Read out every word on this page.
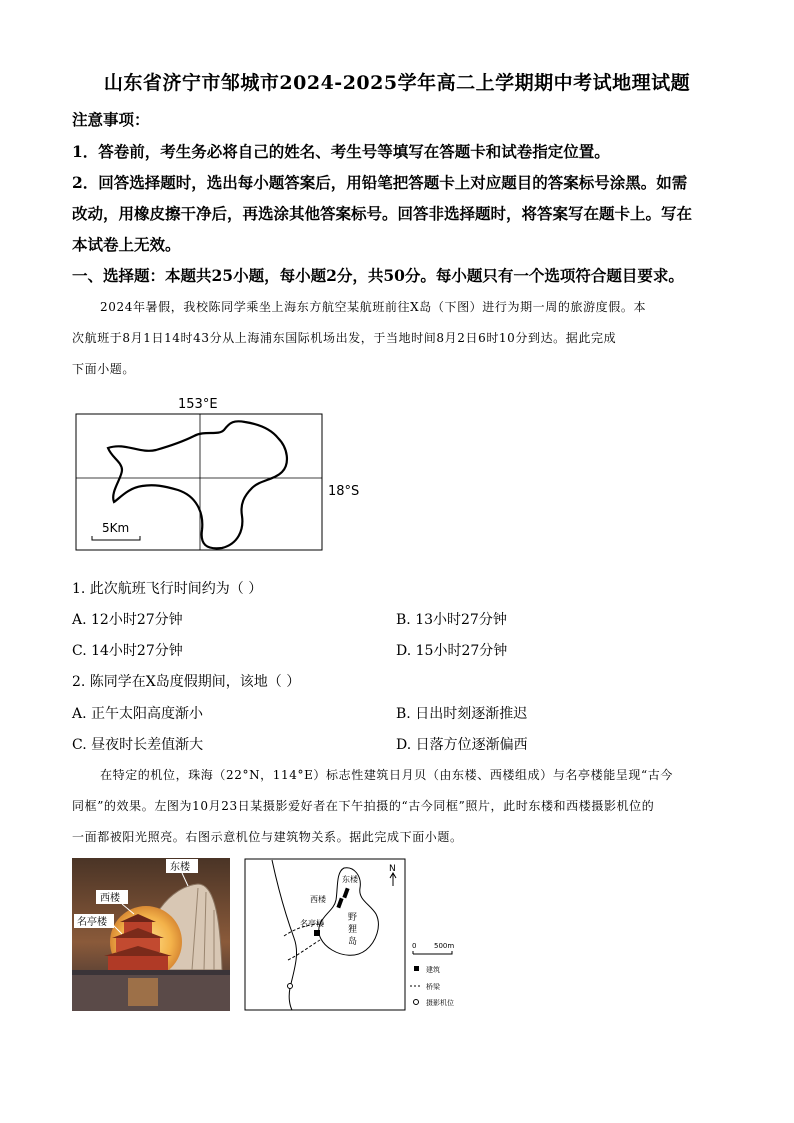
山东省济宁市邹城市2024-2025学年高二上学期期中考试地理试题
注意事项：
1．答卷前，考生务必将自己的姓名、考生号等填写在答题卡和试卷指定位置。
2．回答选择题时，选出每小题答案后，用铅笔把答题卡上对应题目的答案标号涂黑。如需
改动，用橡皮擦干净后，再选涂其他答案标号。回答非选择题时，将答案写在题卡上。写在
本试卷上无效。
一、选择题：本题共25小题，每小题2分，共50分。每小题只有一个选项符合题目要求。
2024年暑假，我校陈同学乘坐上海东方航空某航班前往X岛（下图）进行为期一周的旅游度假。本
次航班于8月1日14时43分从上海浦东国际机场出发，于当地时间8月2日6时10分到达。据此完成
下面小题。
153°E
18°S
5Km
1. 此次航班飞行时间约为（ ）
A. 12小时27分钟	B. 13小时27分钟
C. 14小时27分钟	D. 15小时27分钟
2. 陈同学在X岛度假期间，该地（ ）
A. 正午太阳高度渐小	B. 日出时刻逐渐推迟
C. 昼夜时长差值渐大	D. 日落方位逐渐偏西
在特定的机位，珠海（22°N，114°E）标志性建筑日月贝（由东楼、西楼组成）与名亭楼能呈现“古今
同框”的效果。左图为10月23日某摄影爱好者在下午拍摄的“古今同框”照片，此时东楼和西楼摄影机位的
一面都被阳光照亮。右图示意机位与建筑物关系。据此完成下面小题。
东楼
西楼
名亭楼
东楼
西楼
名亭楼
野
狸
岛
N
0	500m
建筑
桥梁
摄影机位
